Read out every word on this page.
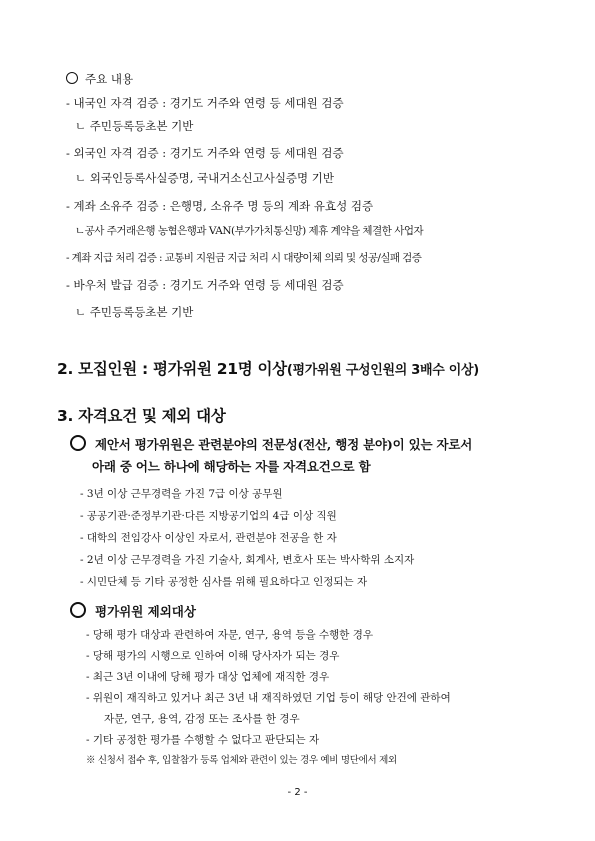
주요 내용
- 내국인 자격 검증 : 경기도 거주와 연령 등 세대원 검증
ㄴ 주민등록등초본 기반
- 외국인 자격 검증 : 경기도 거주와 연령 등 세대원 검증
ㄴ 외국인등록사실증명, 국내거소신고사실증명 기반
- 계좌 소유주 검증 : 은행명, 소유주 명 등의 계좌 유효성 검증
ㄴ공사 주거래은행 농협은행과 VAN(부가가치통신망) 제휴 계약을 체결한 사업자
- 계좌 지급 처리 검증 : 교통비 지원금 지급 처리 시 대량이체 의뢰 및 성공/실패 검증
- 바우처 발급 검증 : 경기도 거주와 연령 등 세대원 검증
ㄴ 주민등록등초본 기반
2. 모집인원 : 평가위원 21명 이상(평가위원 구성인원의 3배수 이상)
3. 자격요건 및 제외 대상
제안서 평가위원은 관련분야의 전문성(전산, 행정 분야)이 있는 자로서
아래 중 어느 하나에 해당하는 자를 자격요건으로 함
- 3년 이상 근무경력을 가진 7급 이상 공무원
- 공공기관·준정부기관·다른 지방공기업의 4급 이상 직원
- 대학의 전임강사 이상인 자로서, 관련분야 전공을 한 자
- 2년 이상 근무경력을 가진 기술사, 회계사, 변호사 또는 박사학위 소지자
- 시민단체 등 기타 공정한 심사를 위해 필요하다고 인정되는 자
평가위원 제외대상
- 당해 평가 대상과 관련하여 자문, 연구, 용역 등을 수행한 경우
- 당해 평가의 시행으로 인하여 이해 당사자가 되는 경우
- 최근 3년 이내에 당해 평가 대상 업체에 재직한 경우
- 위원이 재직하고 있거나 최근 3년 내 재직하였던 기업 등이 해당 안건에 관하여
자문, 연구, 용역, 감정 또는 조사를 한 경우
- 기타 공정한 평가를 수행할 수 없다고 판단되는 자
※ 신청서 접수 후, 입찰참가 등록 업체와 관련이 있는 경우 예비 명단에서 제외
- 2 -
